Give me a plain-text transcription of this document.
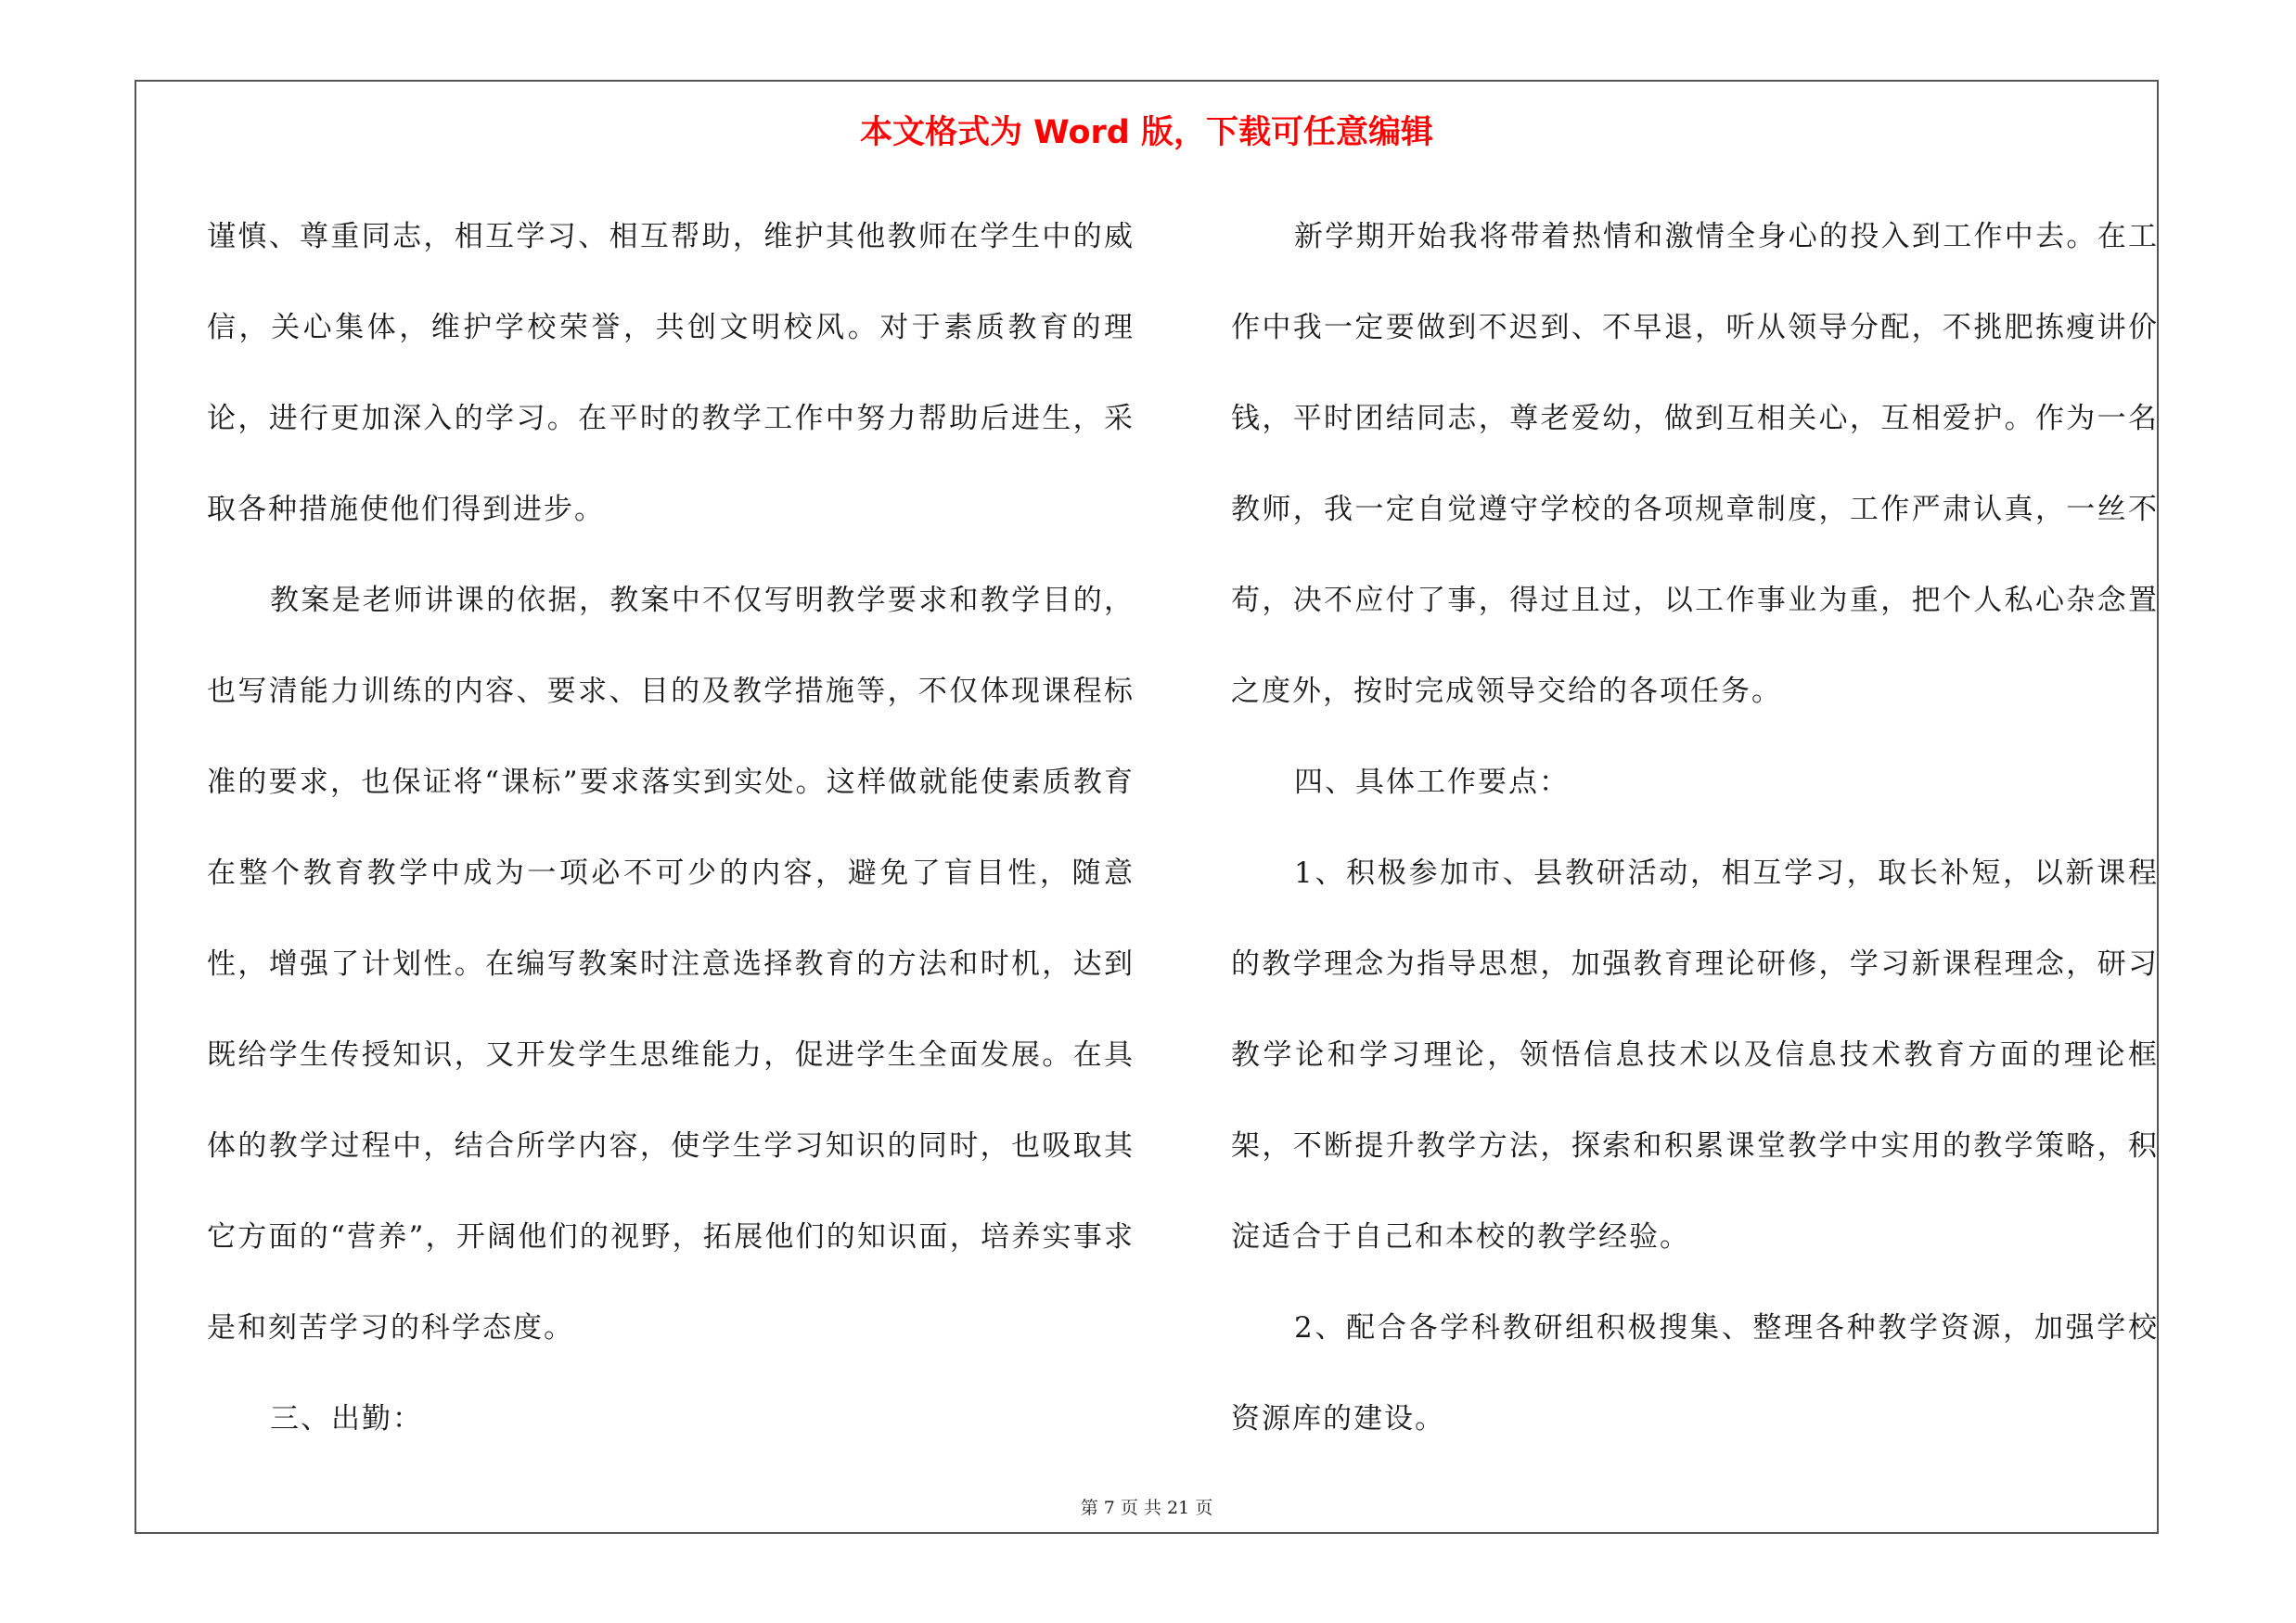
本文格式为 Word 版，下载可任意编辑

谨慎、尊重同志，相互学习、相互帮助，维护其他教师在学生中的威信，关心集体，维护学校荣誉，共创文明校风。对于素质教育的理论，进行更加深入的学习。在平时的教学工作中努力帮助后进生，采取各种措施使他们得到进步。

教案是老师讲课的依据，教案中不仅写明教学要求和教学目的，也写清能力训练的内容、要求、目的及教学措施等，不仅体现课程标准的要求，也保证将“课标”要求落实到实处。这样做就能使素质教育在整个教育教学中成为一项必不可少的内容，避免了盲目性，随意性，增强了计划性。在编写教案时注意选择教育的方法和时机，达到既给学生传授知识，又开发学生思维能力，促进学生全面发展。在具体的教学过程中，结合所学内容，使学生学习知识的同时，也吸取其它方面的“营养”，开阔他们的视野，拓展他们的知识面，培养实事求是和刻苦学习的科学态度。

三、出勤：

新学期开始我将带着热情和激情全身心的投入到工作中去。在工作中我一定要做到不迟到、不早退，听从领导分配，不挑肥拣瘦讲价钱，平时团结同志，尊老爱幼，做到互相关心，互相爱护。作为一名教师，我一定自觉遵守学校的各项规章制度，工作严肃认真，一丝不苟，决不应付了事，得过且过，以工作事业为重，把个人私心杂念置之度外，按时完成领导交给的各项任务。

四、具体工作要点：

1、积极参加市、县教研活动，相互学习，取长补短，以新课程的教学理念为指导思想，加强教育理论研修，学习新课程理念，研习教学论和学习理论，领悟信息技术以及信息技术教育方面的理论框架，不断提升教学方法，探索和积累课堂教学中实用的教学策略，积淀适合于自己和本校的教学经验。

2、配合各学科教研组积极搜集、整理各种教学资源，加强学校资源库的建设。

第 7 页 共 21 页
